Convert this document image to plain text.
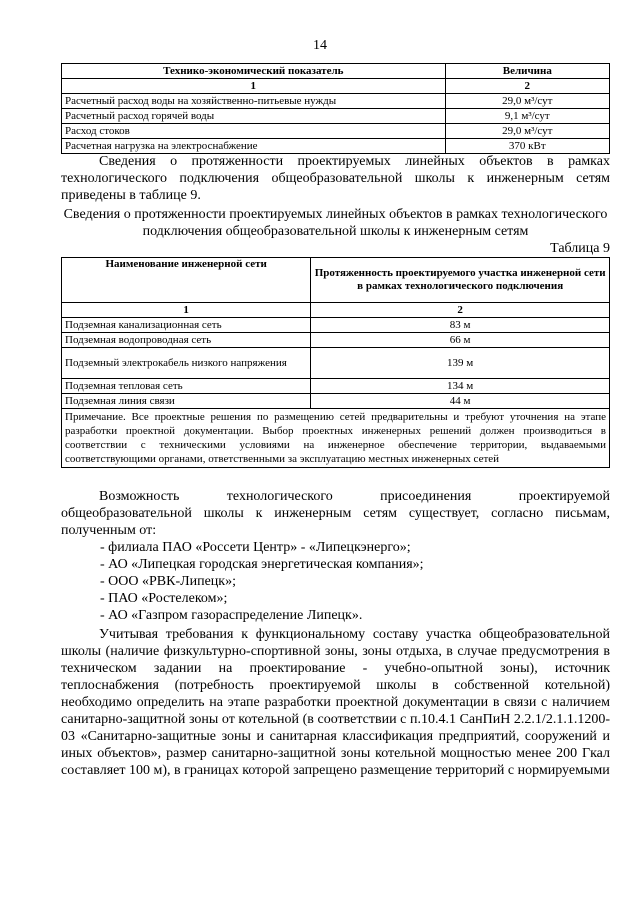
14
Технико-экономический показатель	Величина
1	2
Расчетный расход воды на хозяйственно-питьевые нужды	29,0 м³/сут
Расчетный расход горячей воды	9,1 м³/сут
Расход стоков	29,0 м³/сут
Расчетная нагрузка на электроснабжение	370 кВт
Сведения о протяженности проектируемых линейных объектов в рамках технологического подключения общеобразовательной школы к инженерным сетям приведены в таблице 9.
Сведения о протяженности проектируемых линейных объектов в рамках технологического подключения общеобразовательной школы к инженерным сетям
Таблица 9
Наименование инженерной сети	Протяженность проектируемого участка инженерной сети в рамках технологического подключения
1	2
Подземная канализационная сеть	83 м
Подземная водопроводная сеть	66 м
Подземный электрокабель низкого напряжения	139 м
Подземная тепловая сеть	134 м
Подземная линия связи	44 м
Примечание. Все проектные решения по размещению сетей предварительны и требуют уточнения на этапе разработки проектной документации. Выбор проектных инженерных решений должен производиться в соответствии с техническими условиями на инженерное обеспечение территории, выдаваемыми соответствующими органами, ответственными за эксплуатацию местных инженерных сетей	
Возможность технологического присоединения проектируемой общеобразовательной школы к инженерным сетям существует, согласно письмам, полученным от:
- филиала ПАО «Россети Центр» - «Липецкэнерго»;
- АО «Липецкая городская энергетическая компания»;
- ООО «РВК-Липецк»;
- ПАО «Ростелеком»;
- АО «Газпром газораспределение Липецк».
Учитывая требования к функциональному составу участка общеобразовательной школы (наличие физкультурно-спортивной зоны, зоны отдыха, в случае предусмотрения в техническом задании на проектирование - учебно-опытной зоны), источник теплоснабжения (потребность проектируемой школы в собственной котельной) необходимо определить на этапе разработки проектной документации в связи с наличием санитарно-защитной зоны от котельной (в соответствии с п.10.4.1 СанПиН 2.2.1/2.1.1.1200-03 «Санитарно-защитные зоны и санитарная классификация предприятий, сооружений и иных объектов», размер санитарно-защитной зоны котельной мощностью менее 200 Гкал составляет 100 м), в границах которой запрещено размещение территорий с нормируемыми
